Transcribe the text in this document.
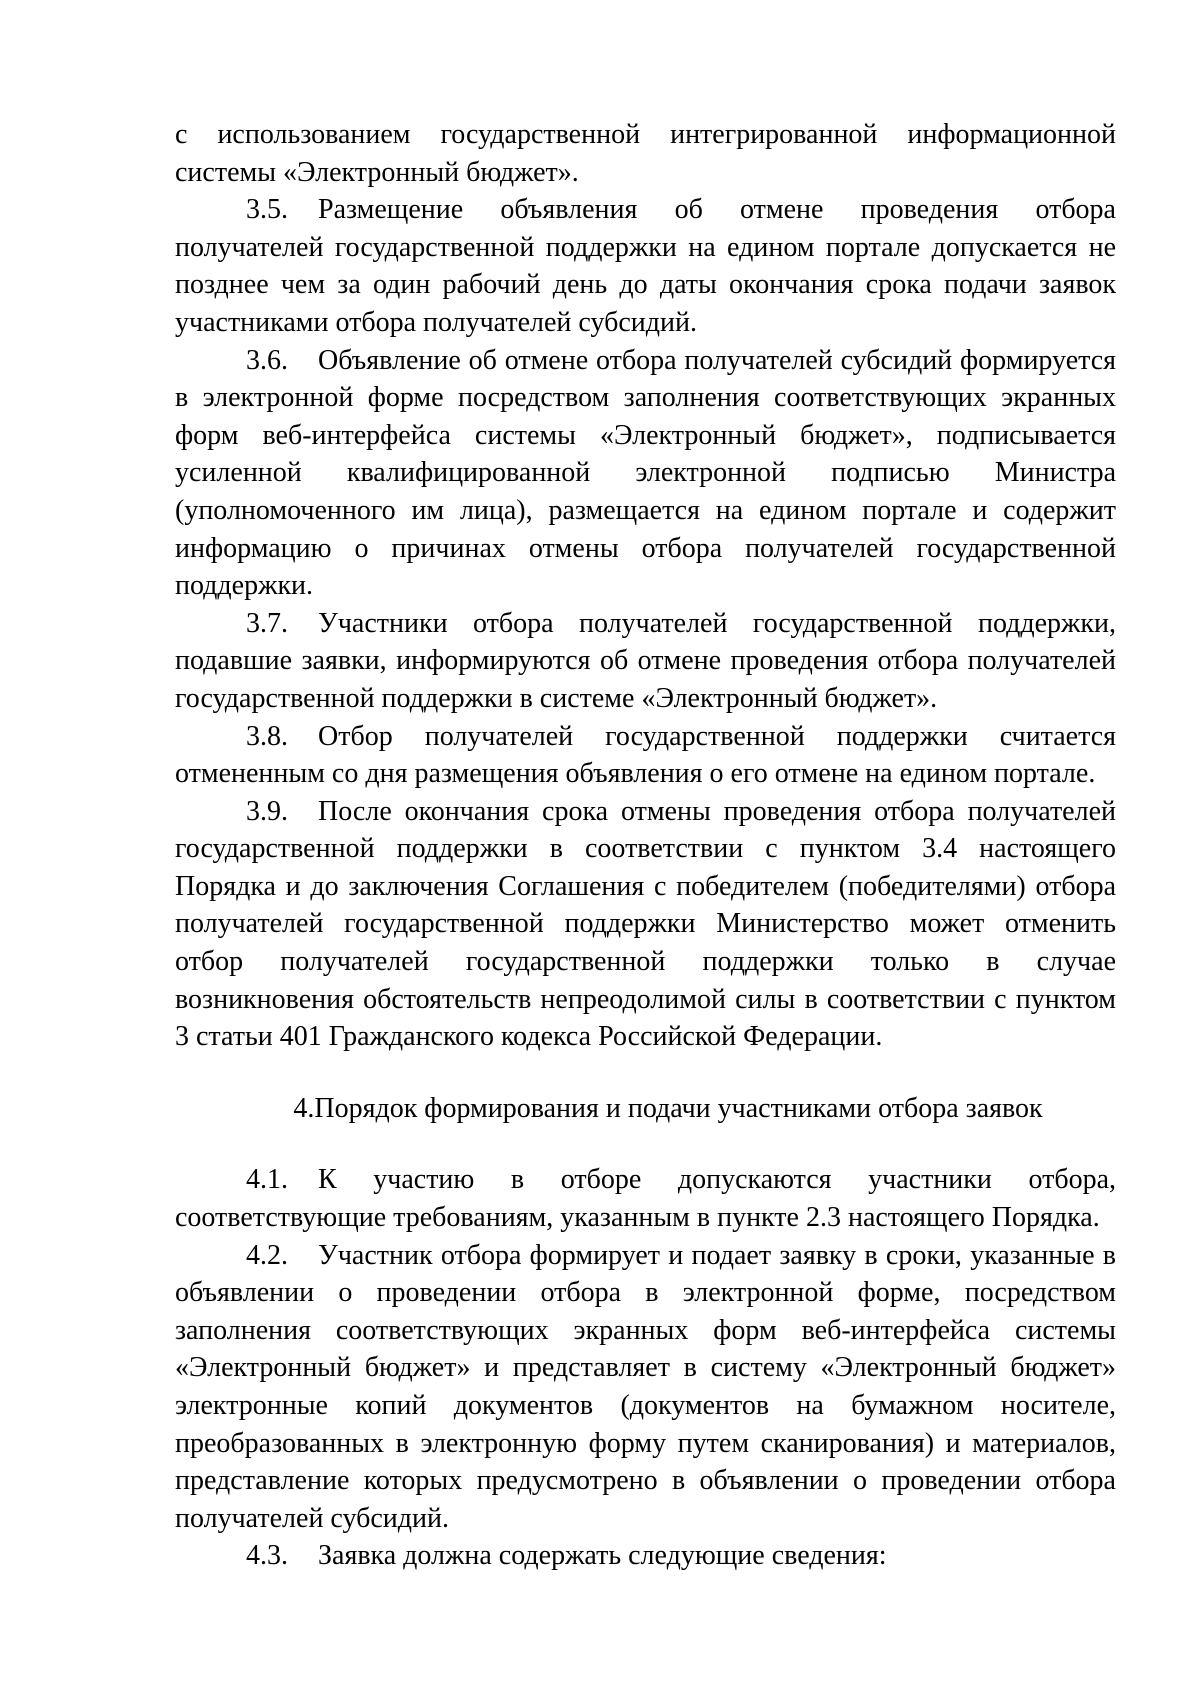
с использованием государственной интегрированной информационной системы «Электронный бюджет».

3.5. Размещение объявления об отмене проведения отбора получателей государственной поддержки на едином портале допускается не позднее чем за один рабочий день до даты окончания срока подачи заявок участниками отбора получателей субсидий.

3.6. Объявление об отмене отбора получателей субсидий формируется в электронной форме посредством заполнения соответствующих экранных форм веб-интерфейса системы «Электронный бюджет», подписывается усиленной квалифицированной электронной подписью Министра (уполномоченного им лица), размещается на едином портале и содержит информацию о причинах отмены отбора получателей государственной поддержки.

3.7. Участники отбора получателей государственной поддержки, подавшие заявки, информируются об отмене проведения отбора получателей государственной поддержки в системе «Электронный бюджет».

3.8. Отбор получателей государственной поддержки считается отмененным со дня размещения объявления о его отмене на едином портале.

3.9. После окончания срока отмены проведения отбора получателей государственной поддержки в соответствии с пунктом 3.4 настоящего Порядка и до заключения Соглашения с победителем (победителями) отбора получателей государственной поддержки Министерство может отменить отбор получателей государственной поддержки только в случае возникновения обстоятельств непреодолимой силы в соответствии с пунктом 3 статьи 401 Гражданского кодекса Российской Федерации.

4.Порядок формирования и подачи участниками отбора заявок

4.1. К участию в отборе допускаются участники отбора, соответствующие требованиям, указанным в пункте 2.3 настоящего Порядка.

4.2. Участник отбора формирует и подает заявку в сроки, указанные в объявлении о проведении отбора в электронной форме, посредством заполнения соответствующих экранных форм веб-интерфейса системы «Электронный бюджет» и представляет в систему «Электронный бюджет» электронные копий документов (документов на бумажном носителе, преобразованных в электронную форму путем сканирования) и материалов, представление которых предусмотрено в объявлении о проведении отбора получателей субсидий.

4.3. Заявка должна содержать следующие сведения:
